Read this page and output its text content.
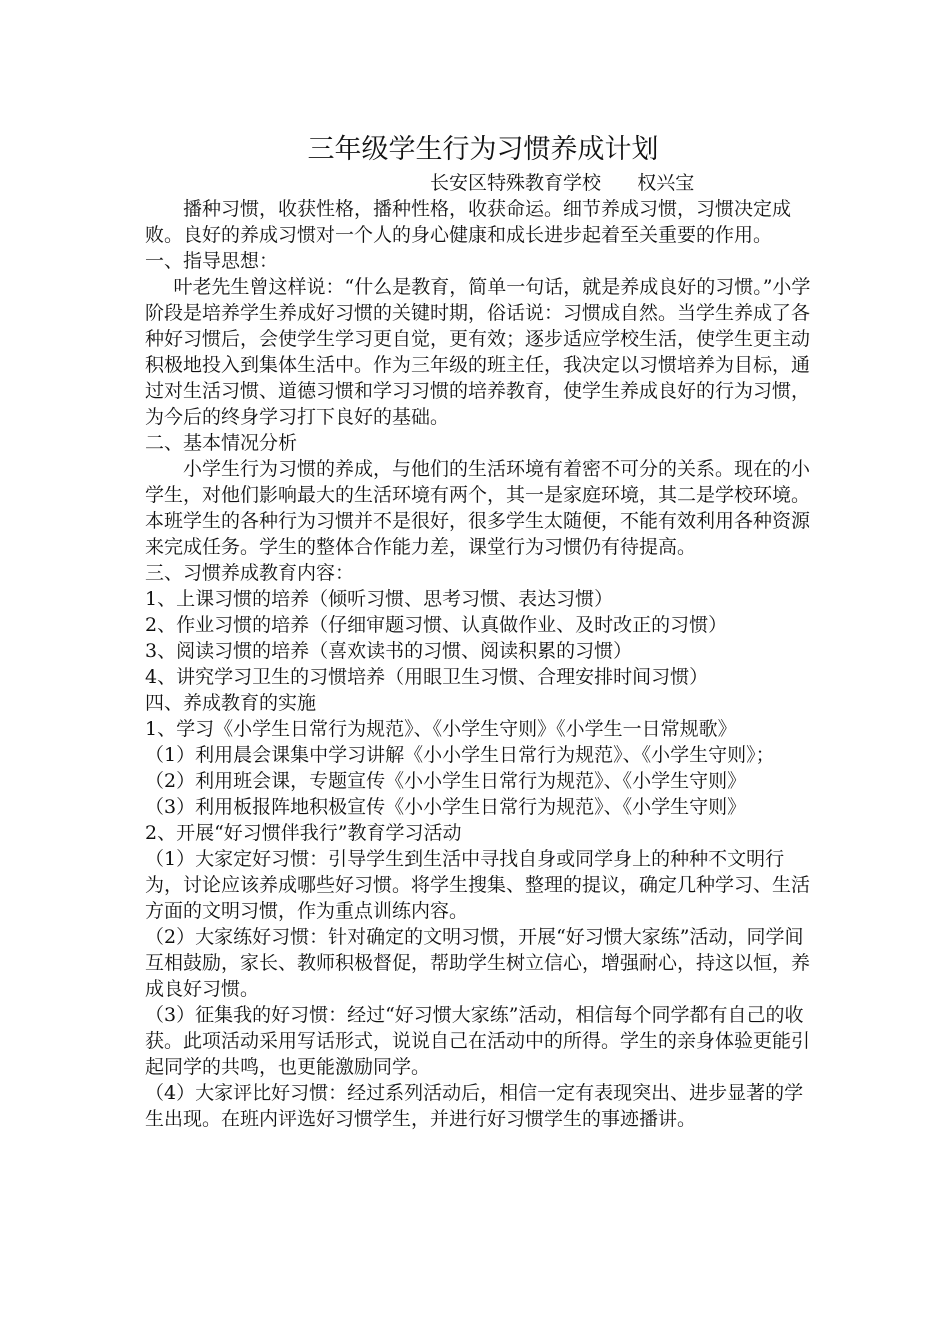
三年级学生行为习惯养成计划
长安区特殊教育学校      权兴宝

播种习惯，收获性格，播种性格，收获命运。细节养成习惯，习惯决定成败。良好的养成习惯对一个人的身心健康和成长进步起着至关重要的作用。

一、指导思想：

叶老先生曾这样说：“什么是教育，简单一句话，就是养成良好的习惯。”小学阶段是培养学生养成好习惯的关键时期，俗话说：习惯成自然。当学生养成了各种好习惯后，会使学生学习更自觉，更有效；逐步适应学校生活，使学生更主动积极地投入到集体生活中。作为三年级的班主任，我决定以习惯培养为目标，通过对生活习惯、道德习惯和学习习惯的培养教育，使学生养成良好的行为习惯，为今后的终身学习打下良好的基础。

二、基本情况分析

小学生行为习惯的养成，与他们的生活环境有着密不可分的关系。现在的小学生，对他们影响最大的生活环境有两个，其一是家庭环境，其二是学校环境。本班学生的各种行为习惯并不是很好，很多学生太随便，不能有效利用各种资源来完成任务。学生的整体合作能力差，课堂行为习惯仍有待提高。

三、习惯养成教育内容：

1、上课习惯的培养（倾听习惯、思考习惯、表达习惯）

2、作业习惯的培养（仔细审题习惯、认真做作业、及时改正的习惯）

3、阅读习惯的培养（喜欢读书的习惯、阅读积累的习惯）

4、讲究学习卫生的习惯培养（用眼卫生习惯、合理安排时间习惯）

四、养成教育的实施

1、学习《小学生日常行为规范》、《小学生守则》《小学生一日常规歌》

（1）利用晨会课集中学习讲解《小小学生日常行为规范》、《小学生守则》；

（2）利用班会课，专题宣传《小小学生日常行为规范》、《小学生守则》

（3）利用板报阵地积极宣传《小小学生日常行为规范》、《小学生守则》

2、开展“好习惯伴我行”教育学习活动

（1）大家定好习惯：引导学生到生活中寻找自身或同学身上的种种不文明行为，讨论应该养成哪些好习惯。将学生搜集、整理的提议，确定几种学习、生活方面的文明习惯，作为重点训练内容。

（2）大家练好习惯：针对确定的文明习惯，开展“好习惯大家练”活动，同学间互相鼓励，家长、教师积极督促，帮助学生树立信心，增强耐心，持这以恒，养成良好习惯。

（3）征集我的好习惯：经过“好习惯大家练”活动，相信每个同学都有自己的收获。此项活动采用写话形式，说说自己在活动中的所得。学生的亲身体验更能引起同学的共鸣，也更能激励同学。

（4）大家评比好习惯：经过系列活动后，相信一定有表现突出、进步显著的学生出现。在班内评选好习惯学生，并进行好习惯学生的事迹播讲。
